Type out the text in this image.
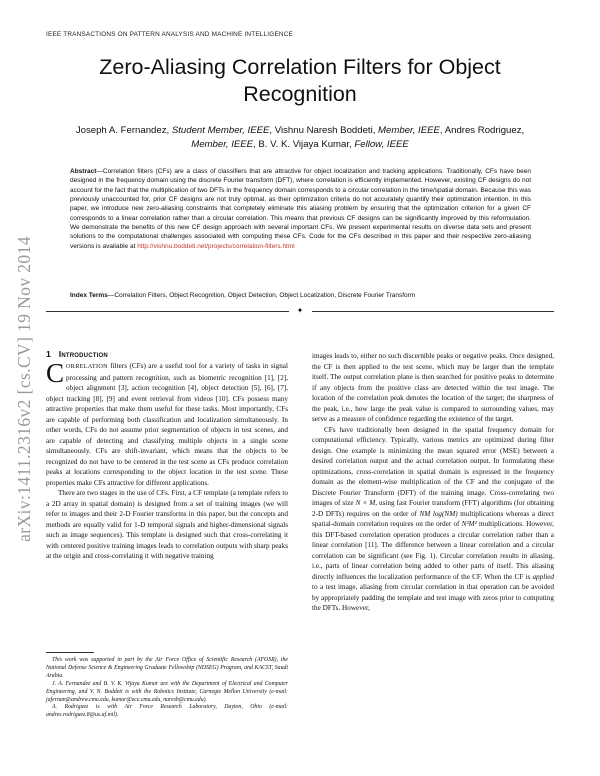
IEEE TRANSACTIONS ON PATTERN ANALYSIS AND MACHINE INTELLIGENCE
arXiv:1411.2316v2 [cs.CV] 19 Nov 2014
Zero-Aliasing Correlation Filters for Object Recognition
Joseph A. Fernandez, Student Member, IEEE, Vishnu Naresh Boddeti, Member, IEEE, Andres Rodriguez,
Member, IEEE, B. V. K. Vijaya Kumar, Fellow, IEEE
Abstract—Correlation filters (CFs) are a class of classifiers that are attractive for object localization and tracking applications. Traditionally, CFs have been designed in the frequency domain using the discrete Fourier transform (DFT), where correlation is efficiently implemented. However, existing CF designs do not account for the fact that the multiplication of two DFTs in the frequency domain corresponds to a circular correlation in the time/spatial domain. Because this was previously unaccounted for, prior CF designs are not truly optimal, as their optimization criteria do not accurately quantify their optimization intention. In this paper, we introduce new zero-aliasing constraints that completely eliminate this aliasing problem by ensuring that the optimization criterion for a given CF corresponds to a linear correlation rather than a circular correlation. This means that previous CF designs can be significantly improved by this reformulation. We demonstrate the benefits of this new CF design approach with several important CFs. We present experimental results on diverse data sets and present solutions to the computational challenges associated with computing these CFs. Code for the CFs described in this paper and their respective zero-aliasing versions is available at http://vishnu.boddeti.net/projects/correlation-filters.html
Index Terms—Correlation Filters, Object Recognition, Object Detection, Object Localization, Discrete Fourier Transform
✦
1 Introduction

CORRELATION filters (CFs) are a useful tool for a variety of tasks in signal processing and pattern recognition, such as biometric recognition [1], [2], object alignment [3], action recognition [4], object detection [5], [6], [7], object tracking [8], [9] and event retrieval from videos [10]. CFs possess many attractive properties that make them useful for these tasks. Most importantly, CFs are capable of performing both classification and localization simultaneously. In other words, CFs do not assume prior segmentation of objects in test scenes, and are capable of detecting and classifying multiple objects in a single scene simultaneously. CFs are shift-invariant, which means that the objects to be recognized do not have to be centered in the test scene as CFs produce correlation peaks at locations corresponding to the object location in the test scene. These properties make CFs attractive for different applications.

There are two stages in the use of CFs. First, a CF template (a template refers to a 2D array in spatial domain) is designed from a set of training images (we will refer to images and their 2-D Fourier transforms in this paper, but the concepts and methods are equally valid for 1-D temporal signals and higher-dimensional signals such as image sequences). This template is designed such that cross-correlating it with centered positive training images leads to correlation outputs with sharp peaks at the origin and cross-correlating it with negative training

This work was supported in part by the Air Force Office of Scientific Research (AFOSR), the National Defense Science & Engineering Graduate Fellowship (NDSEG) Program, and KACST, Saudi Arabia.

J. A. Fernandez and B. V. K. Vijaya Kumar are with the Department of Electrical and Computer Engineering, and V. N. Boddeti is with the Robotics Institute, Carnegie Mellon University (e-mail: jafernan@andrew.cmu.edu, kumar@ece.cmu.edu, naresh@cmu.edu).

A. Rodriguez is with Air Force Research Laboratory, Dayton, Ohio (e-mail: andres.rodriguez.8@us.af.mil).

images leads to, either no such discernible peaks or negative peaks. Once designed, the CF is then applied to the test scene, which may be larger than the template itself. The output correlation plane is then searched for positive peaks to determine if any objects from the positive class are detected within the test image. The location of the correlation peak denotes the location of the target; the sharpness of the peak, i.e., how large the peak value is compared to surrounding values, may serve as a measure of confidence regarding the existence of the target.

CFs have traditionally been designed in the spatial frequency domain for computational efficiency. Typically, various metrics are optimized during filter design. One example is minimizing the mean squared error (MSE) between a desired correlation output and the actual correlation output. In formulating these optimizations, cross-correlation in spatial domain is expressed in the frequency domain as the element-wise multiplication of the CF and the conjugate of the Discrete Fourier Transform (DFT) of the training image. Cross-correlating two images of size N × M, using fast Fourier transform (FFT) algorithms (for obtaining 2-D DFTs) requires on the order of NM log(NM) multiplications whereas a direct spatial-domain correlation requires on the order of N²M² multiplications. However, this DFT-based correlation operation produces a circular correlation rather than a linear correlation [11]. The difference between a linear correlation and a circular correlation can be significant (see Fig. 1). Circular correlation results in aliasing, i.e., parts of linear correlation being added to other parts of itself. This aliasing directly influences the localization performance of the CF. When the CF is applied to a test image, aliasing from circular correlation in that operation can be avoided by appropriately padding the template and test image with zeros prior to computing the DFTs. However,
